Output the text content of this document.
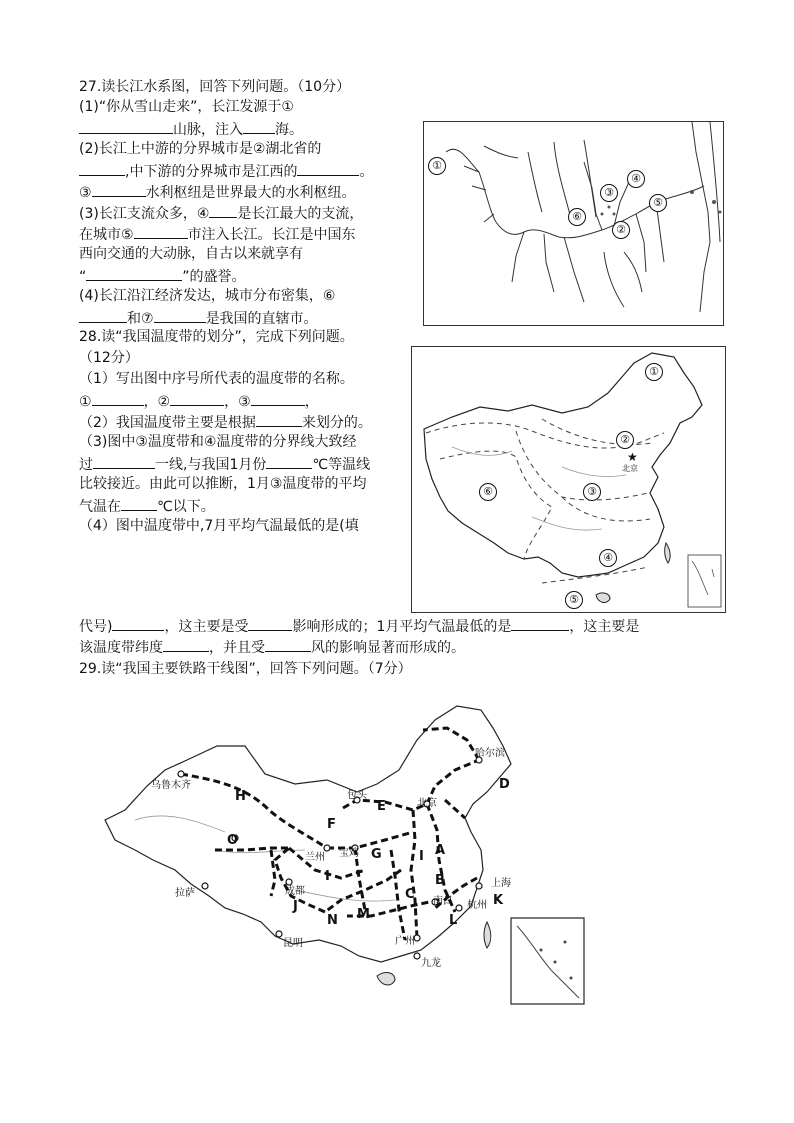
27.读长江水系图，回答下列问题。（10分）
(1)“你从雪山走来”，长江发源于①
山脉，注入 海。
(2)长江上中游的分界城市是②湖北省的
,中下游的分界城市是江西的	。
③	水利枢纽是世界最大的水利枢纽。
(3)长江支流众多，④ 是长江最大的支流，
在城市⑤	市注入长江。长江是中国东
西向交通的大动脉，自古以来就享有
“	”的盛誉。
(4)长江沿江经济发达，城市分布密集，⑥
和⑦	是我国的直辖市。
①
③
④
⑤
⑥
②
28.读“我国温度带的划分”，完成下列问题。
（12分）
（1）写出图中序号所代表的温度带的名称。
①	，②	，③	，
（2）我国温度带主要是根据	来划分的。
（3)图中③温度带和④温度带的分界线大致经
过	一线,与我国1月份	℃等温线
比较接近。由此可以推断，1月③温度带的平均
气温在	℃以下。
（4）图中温度带中,7月平均气温最低的是(填
代号)	，这主要是受	影响形成的；1月平均气温最低的是	，这主要是
该温度带纬度	，并且受	风的影响显著而形成的。
①
②
③
④
⑤
⑥
★
北京
29.读“我国主要铁路干线图”，回答下列问题。（7分）
乌鲁木齐
哈尔滨
包头
北京
兰州 宝鸡
成都
拉萨
上海
南昌 杭州
昆明	广州
九龙
A
B
C
D
E
F
G
H
I
I
J	K
L
M
N
O
